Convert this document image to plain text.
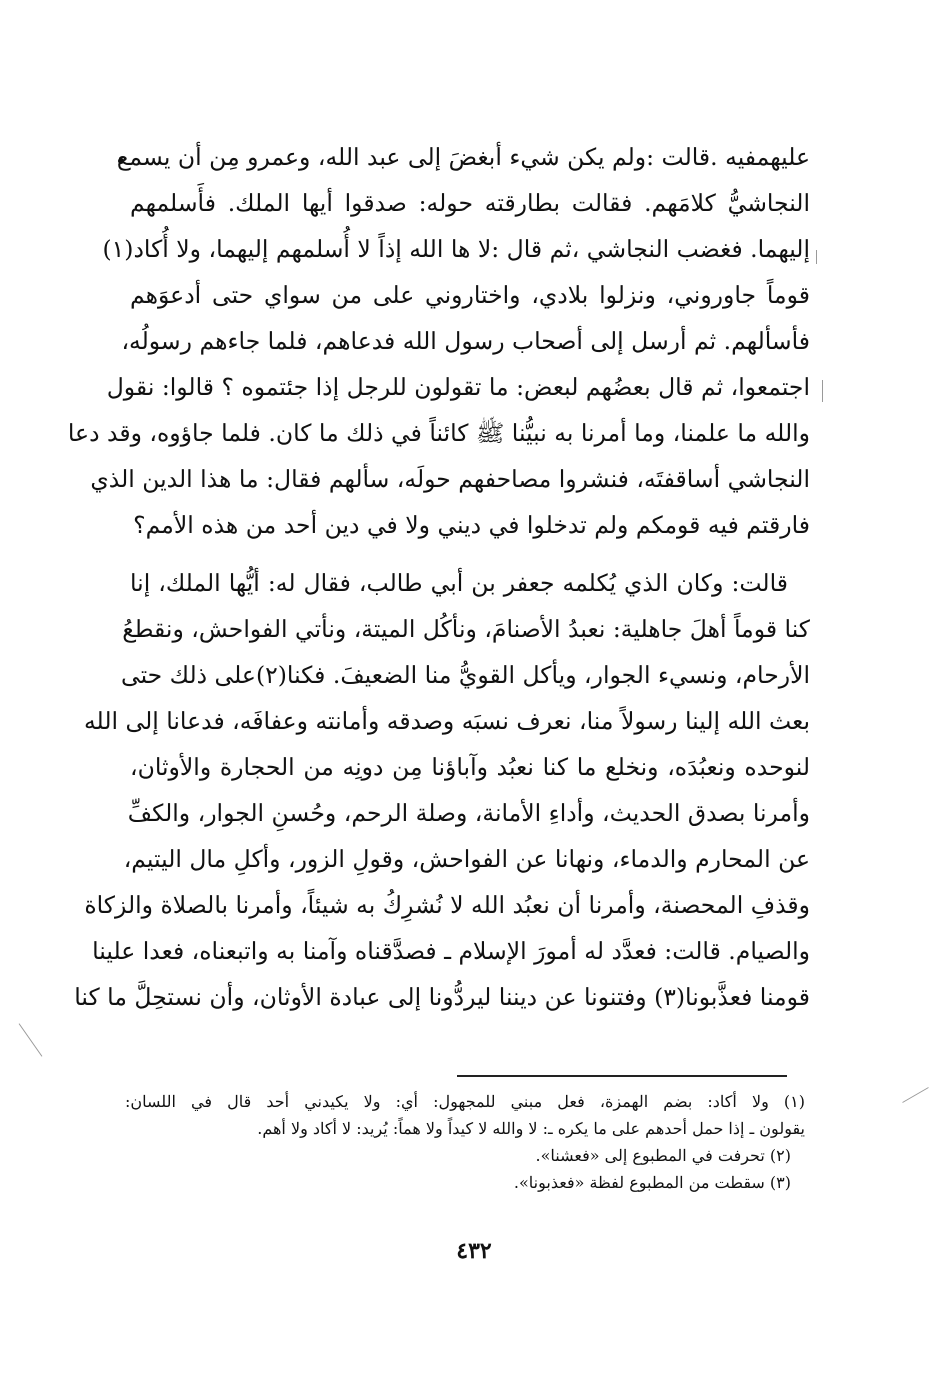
عليهمفيه .قالت :ولم يكن شيء أبغضَ إلى عبد الله، وعمرو مِن أن يسمع
النجاشيُّ كلامَهم. فقالت بطارقته حوله: صدقوا أيها الملك. فأَسلمهم
إليهما. فغضب النجاشي ،ثم قال :لا ها الله إذاً لا أُسلمهم إليهما، ولا أُكاد(١)
قوماً جاوروني، ونزلوا بلادي، واختاروني على من سواي حتى أدعوَهم
فأسألهم. ثم أرسل إلى أصحاب رسول الله فدعاهم، فلما جاءهم رسولُه،
اجتمعوا، ثم قال بعضُهم لبعض: ما تقولون للرجل إذا جئتموه ؟ قالوا: نقول
والله ما علمنا، وما أمرنا به نبيُّنا ﷺ كائناً في ذلك ما كان. فلما جاؤوه، وقد دعا
النجاشي أساقفتَه، فنشروا مصاحفهم حولَه، سألهم فقال: ما هذا الدين الذي
فارقتم فيه قومكم ولم تدخلوا في ديني ولا في دين أحد من هذه الأمم؟
قالت: وكان الذي يُكلمه جعفر بن أبي طالب، فقال له: أيُّها الملك، إنا
كنا قوماً أهلَ جاهلية: نعبدُ الأصنامَ، ونأكُل الميتة، ونأتي الفواحش، ونقطعُ
الأرحام، ونسيء الجوار، ويأكل القويُّ منا الضعيفَ. فكنا(٢)على ذلك حتى
بعث الله إلينا رسولاً منا، نعرف نسبَه وصدقه وأمانته وعفافَه، فدعانا إلى الله
لنوحده ونعبُدَه، ونخلع ما كنا نعبُد وآباؤنا مِن دونِه من الحجارة والأوثان،
وأمرنا بصدق الحديث، وأداءِ الأمانة، وصلة الرحم، وحُسنِ الجوار، والكفِّ
عن المحارم والدماء، ونهانا عن الفواحش، وقولِ الزور، وأكلِ مال اليتيم،
وقذفِ المحصنة، وأمرنا أن نعبُد الله لا نُشرِكُ به شيئاً، وأمرنا بالصلاة والزكاة
والصيام. قالت: فعدَّد له أمورَ الإسلام ـ فصدَّقناه وآمنا به واتبعناه، فعدا علينا
قومنا فعذَّبونا(٣) وفتنونا عن ديننا ليردُّونا إلى عبادة الأوثان، وأن نستحِلَّ ما كنا
(١) ولا أكاد: بضم الهمزة، فعل مبني للمجهول: أي: ولا يكيدني أحد قال في اللسان:
يقولون ـ إذا حمل أحدهم على ما يكره ـ: لا والله لا كيداً ولا هماً: يُريد: لا أكاد ولا أهم.
(٢) تحرفت في المطبوع إلى «فعشنا».
(٣) سقطت من المطبوع لفظة «فعذبونا».
٤٣٢
